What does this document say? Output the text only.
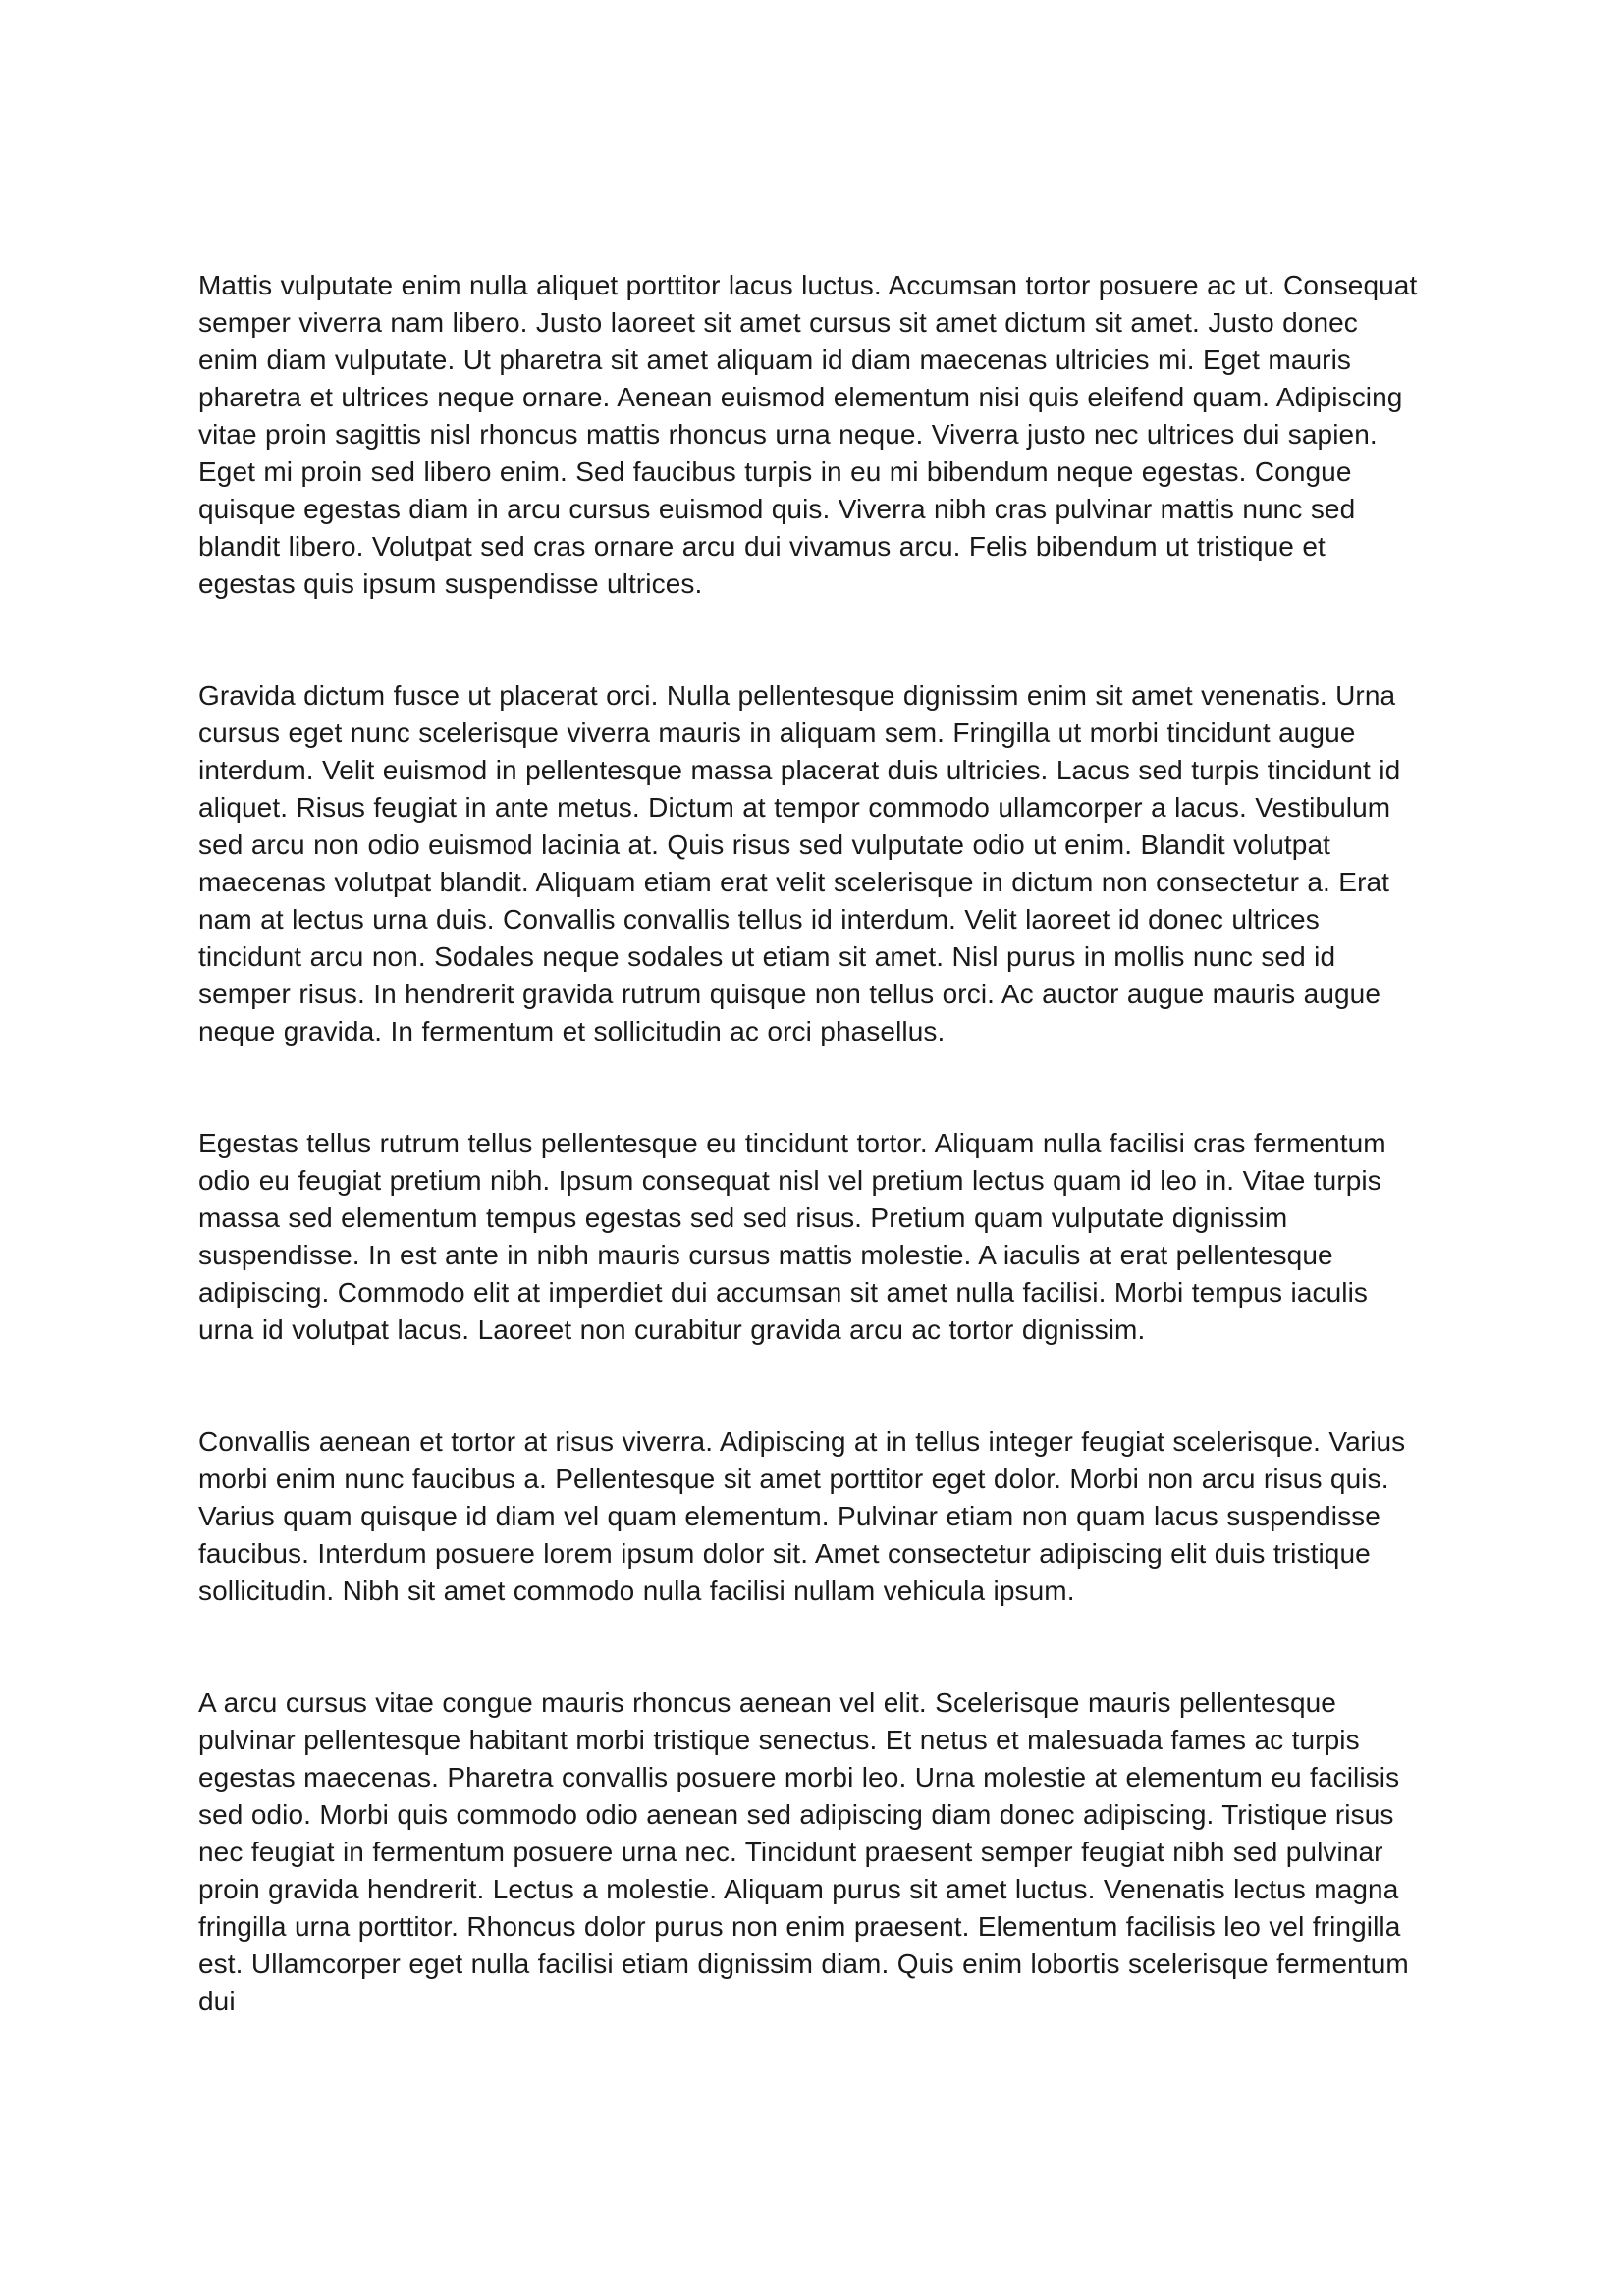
Mattis vulputate enim nulla aliquet porttitor lacus luctus. Accumsan tortor posuere ac ut. Consequat semper viverra nam libero. Justo laoreet sit amet cursus sit amet dictum sit amet. Justo donec enim diam vulputate. Ut pharetra sit amet aliquam id diam maecenas ultricies mi. Eget mauris pharetra et ultrices neque ornare. Aenean euismod elementum nisi quis eleifend quam. Adipiscing vitae proin sagittis nisl rhoncus mattis rhoncus urna neque. Viverra justo nec ultrices dui sapien. Eget mi proin sed libero enim. Sed faucibus turpis in eu mi bibendum neque egestas. Congue quisque egestas diam in arcu cursus euismod quis. Viverra nibh cras pulvinar mattis nunc sed blandit libero. Volutpat sed cras ornare arcu dui vivamus arcu. Felis bibendum ut tristique et egestas quis ipsum suspendisse ultrices.

Gravida dictum fusce ut placerat orci. Nulla pellentesque dignissim enim sit amet venenatis. Urna cursus eget nunc scelerisque viverra mauris in aliquam sem. Fringilla ut morbi tincidunt augue interdum. Velit euismod in pellentesque massa placerat duis ultricies. Lacus sed turpis tincidunt id aliquet. Risus feugiat in ante metus. Dictum at tempor commodo ullamcorper a lacus. Vestibulum sed arcu non odio euismod lacinia at. Quis risus sed vulputate odio ut enim. Blandit volutpat maecenas volutpat blandit. Aliquam etiam erat velit scelerisque in dictum non consectetur a. Erat nam at lectus urna duis. Convallis convallis tellus id interdum. Velit laoreet id donec ultrices tincidunt arcu non. Sodales neque sodales ut etiam sit amet. Nisl purus in mollis nunc sed id semper risus. In hendrerit gravida rutrum quisque non tellus orci. Ac auctor augue mauris augue neque gravida. In fermentum et sollicitudin ac orci phasellus.

Egestas tellus rutrum tellus pellentesque eu tincidunt tortor. Aliquam nulla facilisi cras fermentum odio eu feugiat pretium nibh. Ipsum consequat nisl vel pretium lectus quam id leo in. Vitae turpis massa sed elementum tempus egestas sed sed risus. Pretium quam vulputate dignissim suspendisse. In est ante in nibh mauris cursus mattis molestie. A iaculis at erat pellentesque adipiscing. Commodo elit at imperdiet dui accumsan sit amet nulla facilisi. Morbi tempus iaculis urna id volutpat lacus. Laoreet non curabitur gravida arcu ac tortor dignissim.

Convallis aenean et tortor at risus viverra. Adipiscing at in tellus integer feugiat scelerisque. Varius morbi enim nunc faucibus a. Pellentesque sit amet porttitor eget dolor. Morbi non arcu risus quis. Varius quam quisque id diam vel quam elementum. Pulvinar etiam non quam lacus suspendisse faucibus. Interdum posuere lorem ipsum dolor sit. Amet consectetur adipiscing elit duis tristique sollicitudin. Nibh sit amet commodo nulla facilisi nullam vehicula ipsum.

A arcu cursus vitae congue mauris rhoncus aenean vel elit. Scelerisque mauris pellentesque pulvinar pellentesque habitant morbi tristique senectus. Et netus et malesuada fames ac turpis egestas maecenas. Pharetra convallis posuere morbi leo. Urna molestie at elementum eu facilisis sed odio. Morbi quis commodo odio aenean sed adipiscing diam donec adipiscing. Tristique risus nec feugiat in fermentum posuere urna nec. Tincidunt praesent semper feugiat nibh sed pulvinar proin gravida hendrerit. Lectus a molestie. Aliquam purus sit amet luctus. Venenatis lectus magna fringilla urna porttitor. Rhoncus dolor purus non enim praesent. Elementum facilisis leo vel fringilla est. Ullamcorper eget nulla facilisi etiam dignissim diam. Quis enim lobortis scelerisque fermentum dui
